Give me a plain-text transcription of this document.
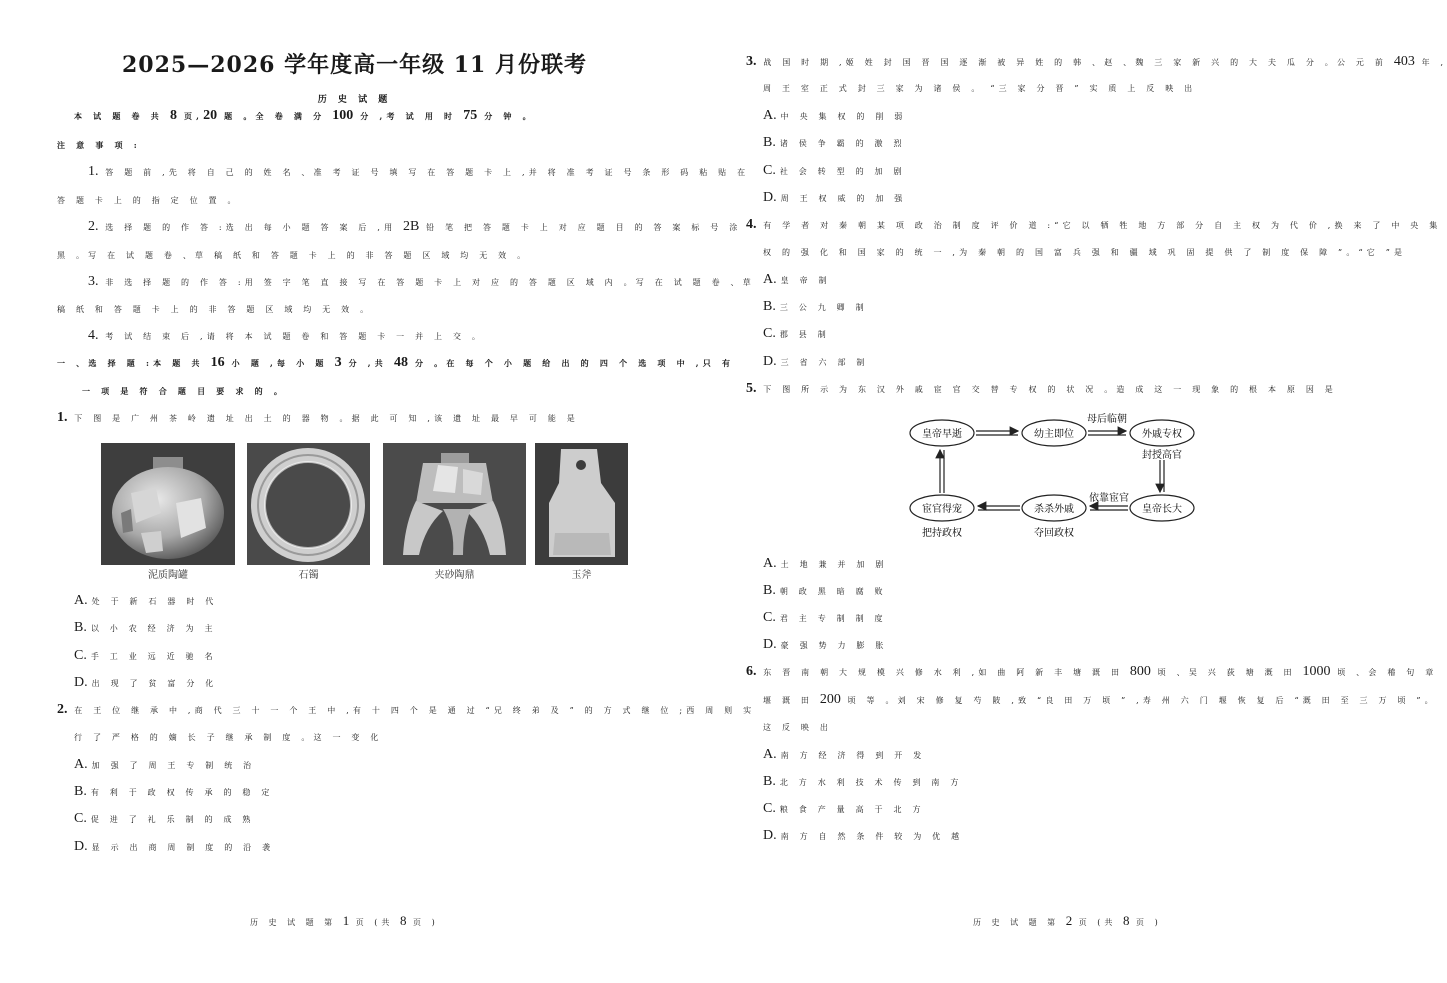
2025—2026 学年度高一年级 11 月份联考
历 史 试 题
本 试 题 卷 共 8 页,20 题 。全 卷 满 分 100 分 ,考 试 用 时 75 分 钟 。
注 意 事 项 :
1. 答 题 前 ,先 将 自 己 的 姓 名 、准 考 证 号 填 写 在 答 题 卡 上 ,并 将 准 考 证 号 条 形 码 粘 贴 在
答 题 卡 上 的 指 定 位 置 。
2. 选 择 题 的 作 答 :选 出 每 小 题 答 案 后 ,用 2B 铅 笔 把 答 题 卡 上 对 应 题 目 的 答 案 标 号 涂
黑 。写 在 试 题 卷 、草 稿 纸 和 答 题 卡 上 的 非 答 题 区 域 均 无 效 。
3. 非 选 择 题 的 作 答 :用 签 字 笔 直 接 写 在 答 题 卡 上 对 应 的 答 题 区 域 内 。写 在 试 题 卷 、草
稿 纸 和 答 题 卡 上 的 非 答 题 区 域 均 无 效 。
4. 考 试 结 束 后 ,请 将 本 试 题 卷 和 答 题 卡 一 并 上 交 。
一 、选 择 题 :本 题 共 16 小 题 ,每 小 题 3 分 ,共 48 分 。在 每 个 小 题 给 出 的 四 个 选 项 中 ,只 有
一 项 是 符 合 题 目 要 求 的 。
1. 下 图 是 广 州 茶 岭 遗 址 出 土 的 器 物 。据 此 可 知 ,该 遗 址 最 早 可 能 是
泥质陶罐	石镯	夹砂陶鼎	玉斧
A. 处 于 新 石 器 时 代
B. 以 小 农 经 济 为 主
C. 手 工 业 远 近 驰 名
D. 出 现 了 贫 富 分 化
2. 在 王 位 继 承 中 ,商 代 三 十 一 个 王 中 ,有 十 四 个 是 通 过 “兄 终 弟 及 ” 的 方 式 继 位 ;西 周 则 实
行 了 严 格 的 嫡 长 子 继 承 制 度 。这 一 变 化
A. 加 强 了 周 王 专 制 统 治
B. 有 利 于 政 权 传 承 的 稳 定
C. 促 进 了 礼 乐 制 的 成 熟
D. 显 示 出 商 周 制 度 的 沿 袭
历 史 试 题 第 1 页 (共 8 页 )
3. 战 国 时 期 ,姬 姓 封 国 晋 国 逐 渐 被 异 姓 的 韩 、赵 、魏 三 家 新 兴 的 大 夫 瓜 分 。公 元 前 403 年 ,
周 王 室 正 式 封 三 家 为 诸 侯 。 “三 家 分 晋 ” 实 质 上 反 映 出
A. 中 央 集 权 的 削 弱
B. 诸 侯 争 霸 的 激 烈
C. 社 会 转 型 的 加 剧
D. 周 王 权 威 的 加 强
4. 有 学 者 对 秦 朝 某 项 政 治 制 度 评 价 道 :“它 以 牺 牲 地 方 部 分 自 主 权 为 代 价 ,换 来 了 中 央 集
权 的 强 化 和 国 家 的 统 一 ,为 秦 朝 的 国 富 兵 强 和 疆 域 巩 固 提 供 了 制 度 保 障 ”。“它 ”是
A. 皇 帝 制
B. 三 公 九 卿 制
C. 郡 县 制
D. 三 省 六 部 制
5. 下 图 所 示 为 东 汉 外 戚 宦 官 交 替 专 权 的 状 况 。造 成 这 一 现 象 的 根 本 原 因 是
皇帝早逝	幼主即位	外戚专权
皇帝长大
杀杀外戚
宦官得宠
母后临朝
封授高官
依靠宦官
夺回政权
把持政权
A. 土 地 兼 并 加 剧
B. 朝 政 黑 暗 腐 败
C. 君 主 专 制 制 度
D. 豪 强 势 力 膨 胀
6. 东 晋 南 朝 大 规 模 兴 修 水 利 ,如 曲 阿 新 丰 塘 溉 田 800 顷 、吴 兴 荻 塘 溉 田 1000 顷 、会 稽 句 章
堰 溉 田 200 顷 等 。刘 宋 修 复 芍 陂 ,致 “良 田 万 顷 ” ,寿 州 六 门 堰 恢 复 后 “溉 田 至 三 万 顷 ”。
这 反 映 出
A. 南 方 经 济 得 到 开 发
B. 北 方 水 利 技 术 传 到 南 方
C. 粮 食 产 量 高 于 北 方
D. 南 方 自 然 条 件 较 为 优 越
历 史 试 题 第 2 页 (共 8 页 )
